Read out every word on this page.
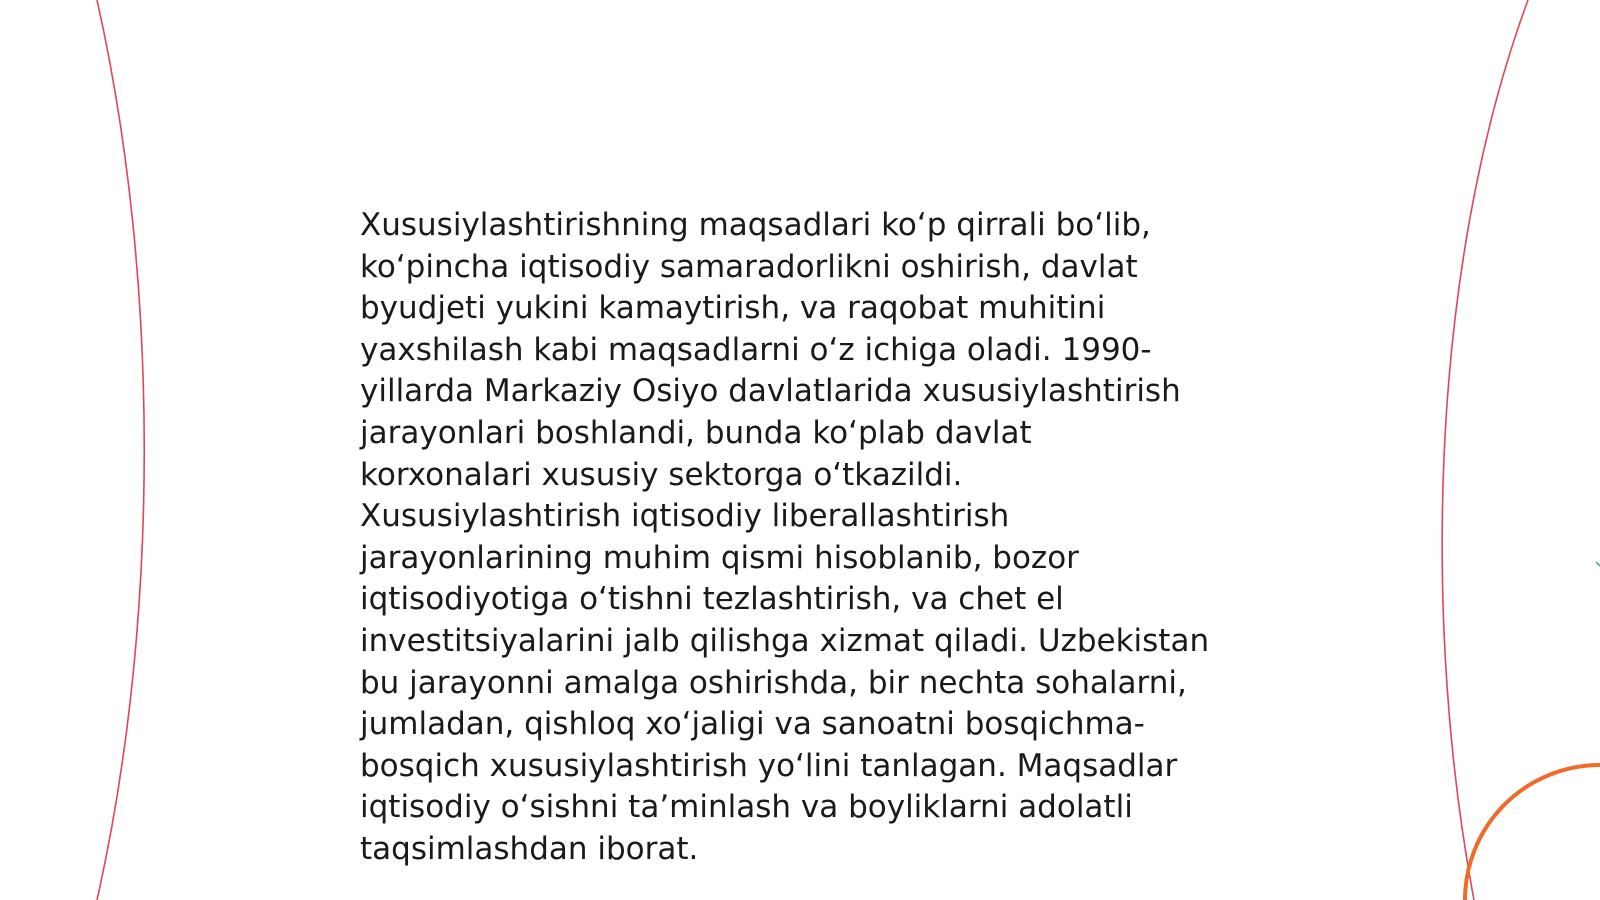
Xususiylashtirishning maqsadlari ko‘p qirrali bo‘lib,
ko‘pincha iqtisodiy samaradorlikni oshirish, davlat
byudjeti yukini kamaytirish, va raqobat muhitini
yaxshilash kabi maqsadlarni o‘z ichiga oladi. 1990-
yillarda Markaziy Osiyo davlatlarida xususiylashtirish
jarayonlari boshlandi, bunda ko‘plab davlat
korxonalari xususiy sektorga o‘tkazildi.
Xususiylashtirish iqtisodiy liberallashtirish
jarayonlarining muhim qismi hisoblanib, bozor
iqtisodiyotiga o‘tishni tezlashtirish, va chet el
investitsiyalarini jalb qilishga xizmat qiladi. Uzbekistan
bu jarayonni amalga oshirishda, bir nechta sohalarni,
jumladan, qishloq xo‘jaligi va sanoatni bosqichma-
bosqich xususiylashtirish yo‘lini tanlagan. Maqsadlar
iqtisodiy o‘sishni ta’minlash va boyliklarni adolatli
taqsimlashdan iborat.
